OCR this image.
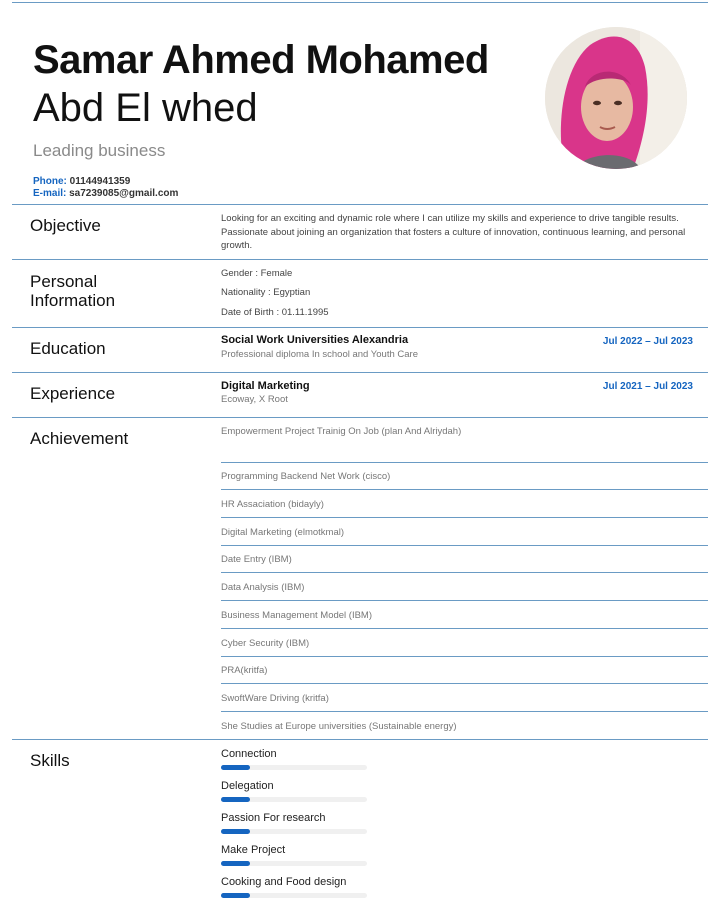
Samar Ahmed Mohamed
Abd El whed
Leading business
Phone: 01144941359
E-mail: sa7239085@gmail.com
Objective	Looking for an exciting and dynamic role where I can utilize my skills and experience to drive tangible results. Passionate about joining an organization that fosters a culture of innovation, continuous learning, and personal growth.
Personal Information
Gender : Female
Nationality : Egyptian
Date of Birth : 01.11.1995
Education	Social Work Universities Alexandria
Professional diploma In school and Youth Care
Jul 2022 – Jul 2023
Experience	Digital Marketing
Ecoway, X Root
Jul 2021 – Jul 2023
Achievement	Empowerment Project Trainig On Job (plan And Alriydah)
Programming Backend Net Work (cisco)
HR Assaciation (bidayly)
Digital Marketing (elmotkmal)
Date Entry (IBM)
Data Analysis (IBM)
Business Management Model (IBM)
Cyber Security (IBM)
PRA(kritfa)
SwoftWare Driving (kritfa)
She Studies at Europe universities (Sustainable energy)
Skills	Connection
Delegation
Passion For research
Make Project
Cooking and Food design
